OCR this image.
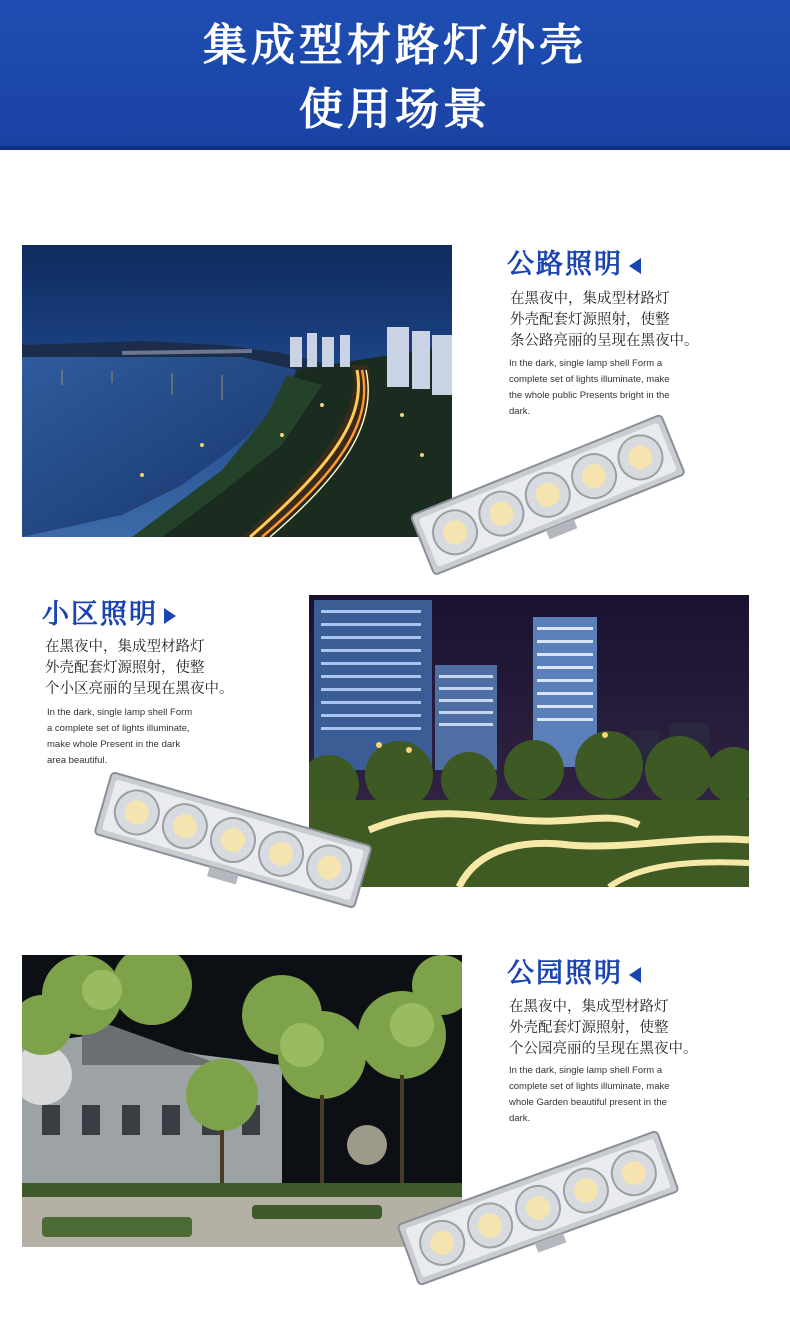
集成型材路灯外壳
使用场景
公路照明
在黑夜中，集成型材路灯
外壳配套灯源照射，使整
条公路亮丽的呈现在黑夜中。
In the dark, single lamp shell Form a
complete set of lights illuminate, make
the whole public Presents bright in the
dark.
小区照明
在黑夜中，集成型材路灯
外壳配套灯源照射，使整
个小区亮丽的呈现在黑夜中。
In the dark, single lamp shell Form
a complete set of lights illuminate,
make whole Present in the dark
area beautiful.
公园照明
在黑夜中，集成型材路灯
外壳配套灯源照射，使整
个公园亮丽的呈现在黑夜中。
In the dark, single lamp shell Form a
complete set of lights illuminate, make
whole Garden beautiful present in the
dark.
